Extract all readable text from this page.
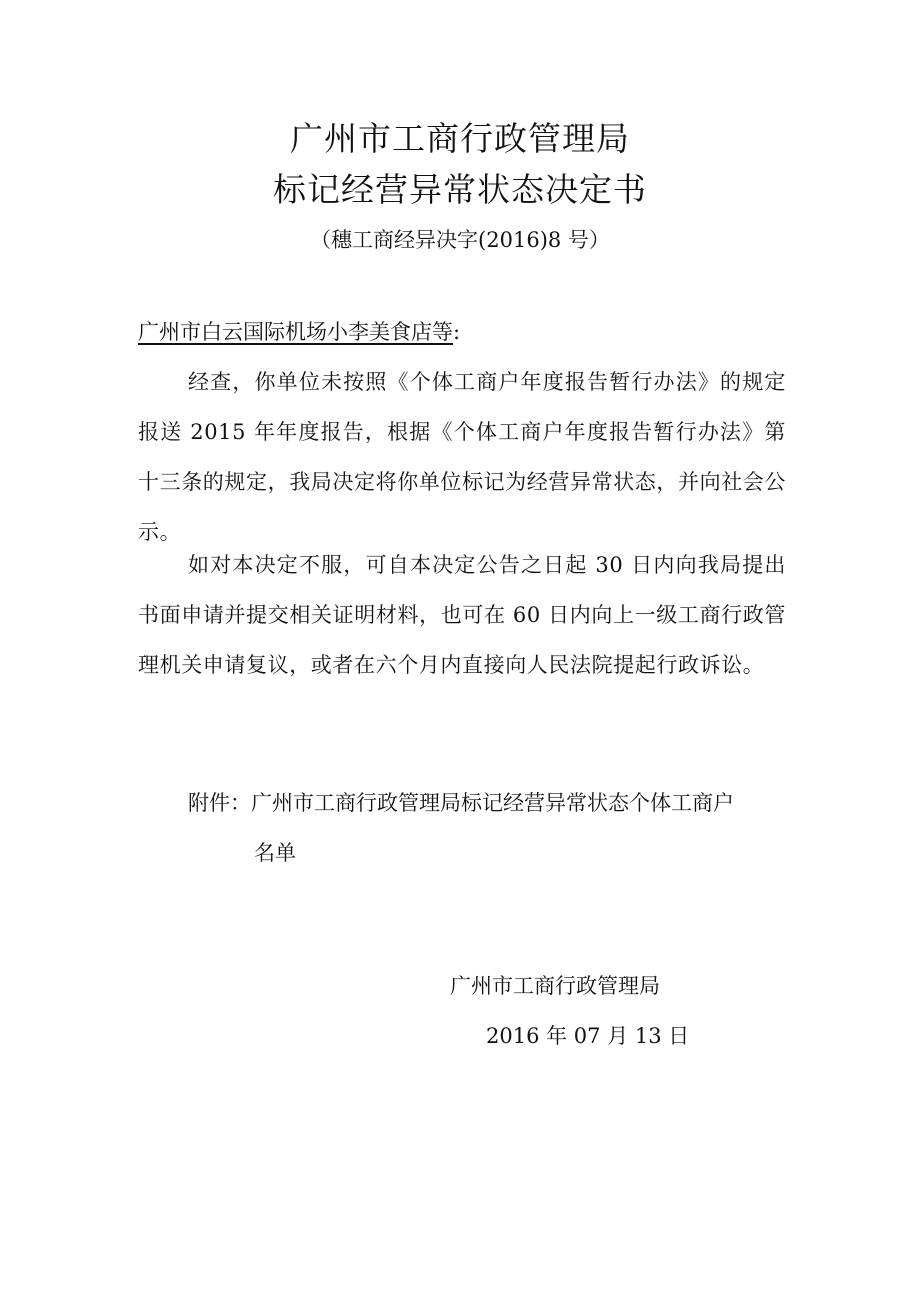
广州市工商行政管理局
标记经营异常状态决定书
（穗工商经异决字(2016)8 号）
广州市白云国际机场小李美食店等:

经查，你单位未按照《个体工商户年度报告暂行办法》的规定报送 2015 年年度报告，根据《个体工商户年度报告暂行办法》第十三条的规定，我局决定将你单位标记为经营异常状态，并向社会公示。

如对本决定不服，可自本决定公告之日起 30 日内向我局提出书面申请并提交相关证明材料，也可在 60 日内向上一级工商行政管理机关申请复议，或者在六个月内直接向人民法院提起行政诉讼。

附件：广州市工商行政管理局标记经营异常状态个体工商户
名单
广州市工商行政管理局
2016 年 07 月 13 日
